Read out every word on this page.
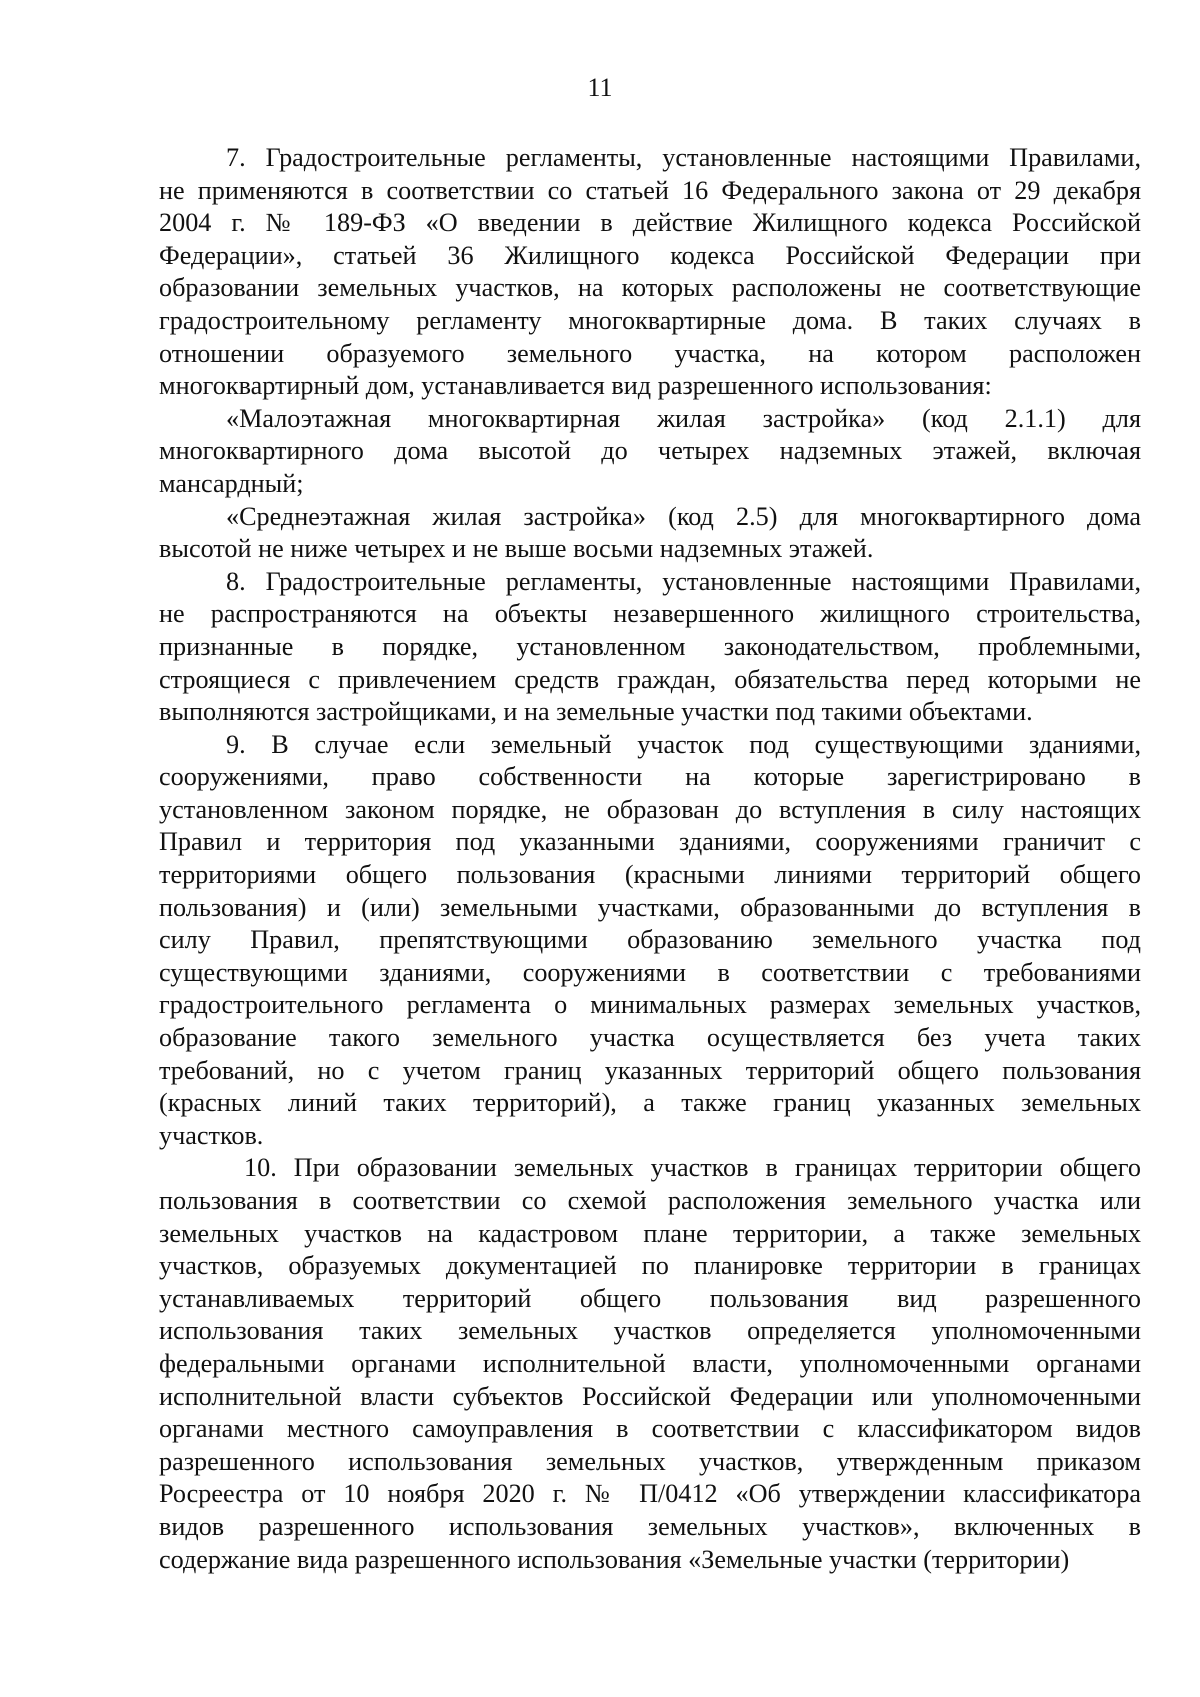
11
7. Градостроительные регламенты, установленные настоящими Правилами,
не применяются в соответствии со статьей 16 Федерального закона от 29 декабря
2004 г. № 189-ФЗ «О введении в действие Жилищного кодекса Российской
Федерации», статьей 36 Жилищного кодекса Российской Федерации при
образовании земельных участков, на которых расположены не соответствующие
градостроительному регламенту многоквартирные дома. В таких случаях в
отношении образуемого земельного участка, на котором расположен
многоквартирный дом, устанавливается вид разрешенного использования:
«Малоэтажная многоквартирная жилая застройка» (код 2.1.1) для
многоквартирного дома высотой до четырех надземных этажей, включая
мансардный;
«Среднеэтажная жилая застройка» (код 2.5) для многоквартирного дома
высотой не ниже четырех и не выше восьми надземных этажей.
8. Градостроительные регламенты, установленные настоящими Правилами,
не распространяются на объекты незавершенного жилищного строительства,
признанные в порядке, установленном законодательством, проблемными,
строящиеся с привлечением средств граждан, обязательства перед которыми не
выполняются застройщиками, и на земельные участки под такими объектами.
9. В случае если земельный участок под существующими зданиями,
сооружениями, право собственности на которые зарегистрировано в
установленном законом порядке, не образован до вступления в силу настоящих
Правил и территория под указанными зданиями, сооружениями граничит с
территориями общего пользования (красными линиями территорий общего
пользования) и (или) земельными участками, образованными до вступления в
силу Правил, препятствующими образованию земельного участка под
существующими зданиями, сооружениями в соответствии с требованиями
градостроительного регламента о минимальных размерах земельных участков,
образование такого земельного участка осуществляется без учета таких
требований, но с учетом границ указанных территорий общего пользования
(красных линий таких территорий), а также границ указанных земельных
участков.
10. При образовании земельных участков в границах территории общего
пользования в соответствии со схемой расположения земельного участка или
земельных участков на кадастровом плане территории, а также земельных
участков, образуемых документацией по планировке территории в границах
устанавливаемых территорий общего пользования вид разрешенного
использования таких земельных участков определяется уполномоченными
федеральными органами исполнительной власти, уполномоченными органами
исполнительной власти субъектов Российской Федерации или уполномоченными
органами местного самоуправления в соответствии с классификатором видов
разрешенного использования земельных участков, утвержденным приказом
Росреестра от 10 ноября 2020 г. № П/0412 «Об утверждении классификатора
видов разрешенного использования земельных участков», включенных в
содержание вида разрешенного использования «Земельные участки (территории)
